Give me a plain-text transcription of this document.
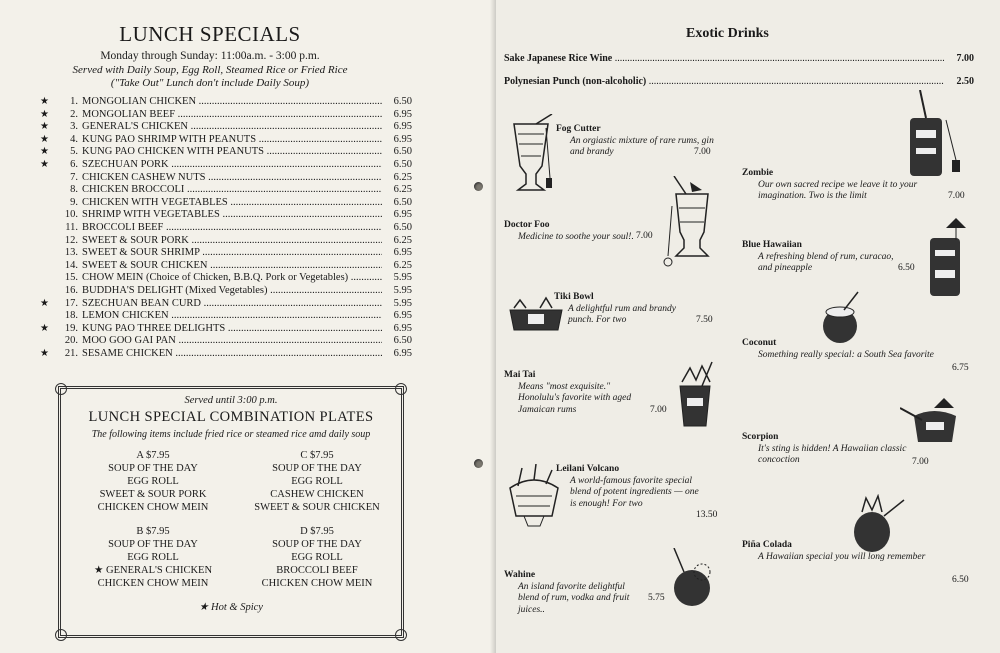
LUNCH SPECIALS
Monday through Sunday: 11:00a.m. - 3:00 p.m.
Served with Daily Soup, Egg Roll, Steamed Rice or Fried Rice
("Take Out" Lunch don't include Daily Soup)
★	1. MONGOLIAN CHICKEN .....	6.50
★	2. MONGOLIAN BEEF .....	6.95
★	3. GENERAL'S CHICKEN .....	6.95
★	4. KUNG PAO SHRIMP WITH PEANUTS .....	6.95
★	5. KUNG PAO CHICKEN WITH PEANUTS .....	6.50
★	6. SZECHUAN PORK .....	6.50
7. CHICKEN CASHEW NUTS .....	6.25
8. CHICKEN BROCCOLI .....	6.25
9. CHICKEN WITH VEGETABLES .....	6.50
10. SHRIMP WITH VEGETABLES .....	6.95
11. BROCCOLI BEEF .....	6.50
12. SWEET & SOUR PORK .....	6.25
13. SWEET & SOUR SHRIMP .....	6.95
14. SWEET & SOUR CHICKEN .....	6.25
15. CHOW MEIN (Choice of Chicken, B.B.Q. Pork or Vegetables) .....	5.95
16. BUDDHA'S DELIGHT (Mixed Vegetables) .....	5.95
★	17. SZECHUAN BEAN CURD .....	5.95
18. LEMON CHICKEN .....	6.95
★	19. KUNG PAO THREE DELIGHTS .....	6.95
20. MOO GOO GAI PAN .....	6.50
★	21. SESAME CHICKEN .....	6.95
Served until 3:00 p.m.
LUNCH SPECIAL COMBINATION PLATES
The following items include fried rice or steamed rice amd daily soup
A $7.95
SOUP OF THE DAY
EGG ROLL
SWEET & SOUR PORK
CHICKEN CHOW MEIN
C $7.95
SOUP OF THE DAY
EGG ROLL
CASHEW CHICKEN
SWEET & SOUR CHICKEN
B $7.95
SOUP OF THE DAY
EGG ROLL
★ GENERAL'S CHICKEN
CHICKEN CHOW MEIN
D $7.95
SOUP OF THE DAY
EGG ROLL
BROCCOLI BEEF
CHICKEN CHOW MEIN
★ Hot & Spicy
Exotic Drinks
Sake Japanese Rice Wine .....	7.00
Polynesian Punch (non-alcoholic) .....	2.50
Fog Cutter
An orgiastic mixture of rare rums, gin and brandy	7.00
Doctor Foo
Medicine to soothe your soul!. 7.00
Tiki Bowl
A delightful rum and brandy punch. For two	7.50
Mai Tai
Means "most exquisite." Honolulu's favorite with aged Jamaican rums	7.00
Leilani Volcano
A world-famous favorite special blend of potent ingredients — one is enough! For two
13.50
Wahine
An island favorite delightful blend of rum, vodka and fruit juices..
5.75
Zombie
Our own sacred recipe we leave it to your imagination. Two is the limit	7.00
Blue Hawaiian
A refreshing blend of rum, curacao, and pineapple	6.50
Coconut
Something really special: a South Sea favorite
6.75
Scorpion
It's sting is hidden! A Hawaiian classic concoction	7.00
Piña Colada
A Hawaiian special you will long remember
6.50
